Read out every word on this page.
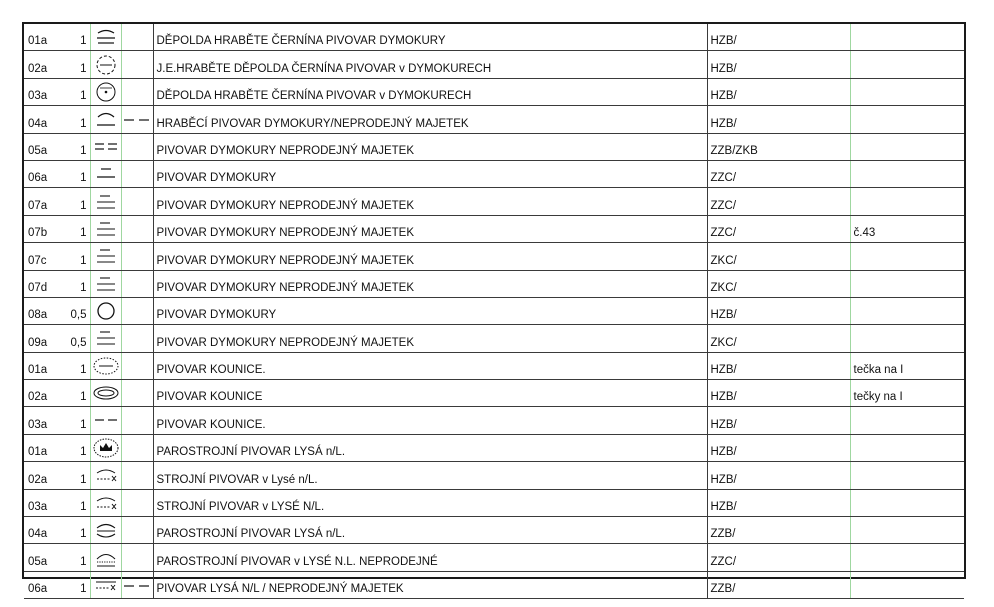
01a	1			DĚPOLDA HRABĚTE ČERNÍNA PIVOVAR DYMOKURY	HZB/	

02a	1			J.E.HRABĚTE DĚPOLDA ČERNÍNA PIVOVAR v DYMOKURECH	HZB/	

03a	1			DĚPOLDA HRABĚTE ČERNÍNA PIVOVAR v DYMOKURECH	HZB/	

04a	1			HRABĚCÍ PIVOVAR DYMOKURY/NEPRODEJNÝ MAJETEK	HZB/	

05a	1			PIVOVAR DYMOKURY NEPRODEJNÝ MAJETEK	ZZB/ZKB	

06a	1			PIVOVAR DYMOKURY	ZZC/	

07a	1			PIVOVAR DYMOKURY NEPRODEJNÝ MAJETEK	ZZC/	

07b	1			PIVOVAR DYMOKURY NEPRODEJNÝ MAJETEK	ZZC/	č.43

07c	1			PIVOVAR DYMOKURY NEPRODEJNÝ MAJETEK	ZKC/	

07d	1			PIVOVAR DYMOKURY NEPRODEJNÝ MAJETEK	ZKC/	

08a	0,5			PIVOVAR DYMOKURY	HZB/	

09a	0,5			PIVOVAR DYMOKURY NEPRODEJNÝ MAJETEK	ZKC/	

01a	1			PIVOVAR KOUNICE.	HZB/	tečka na I

02a	1			PIVOVAR KOUNICE	HZB/	tečky na I

03a	1			PIVOVAR KOUNICE.	HZB/	

01a	1			PAROSTROJNÍ PIVOVAR LYSÁ n/L.	HZB/	

02a	1			STROJNÍ PIVOVAR v Lysé n/L.	HZB/	

03a	1			STROJNÍ PIVOVAR v LYSÉ N/L.	HZB/	

04a	1			PAROSTROJNÍ PIVOVAR LYSÁ n/L.	ZZB/	

05a	1			PAROSTROJNÍ PIVOVAR v LYSÉ N.L. NEPRODEJNÉ	ZZC/	

06a	1			PIVOVAR LYSÁ N/L / NEPRODEJNÝ MAJETEK	ZZB/	
